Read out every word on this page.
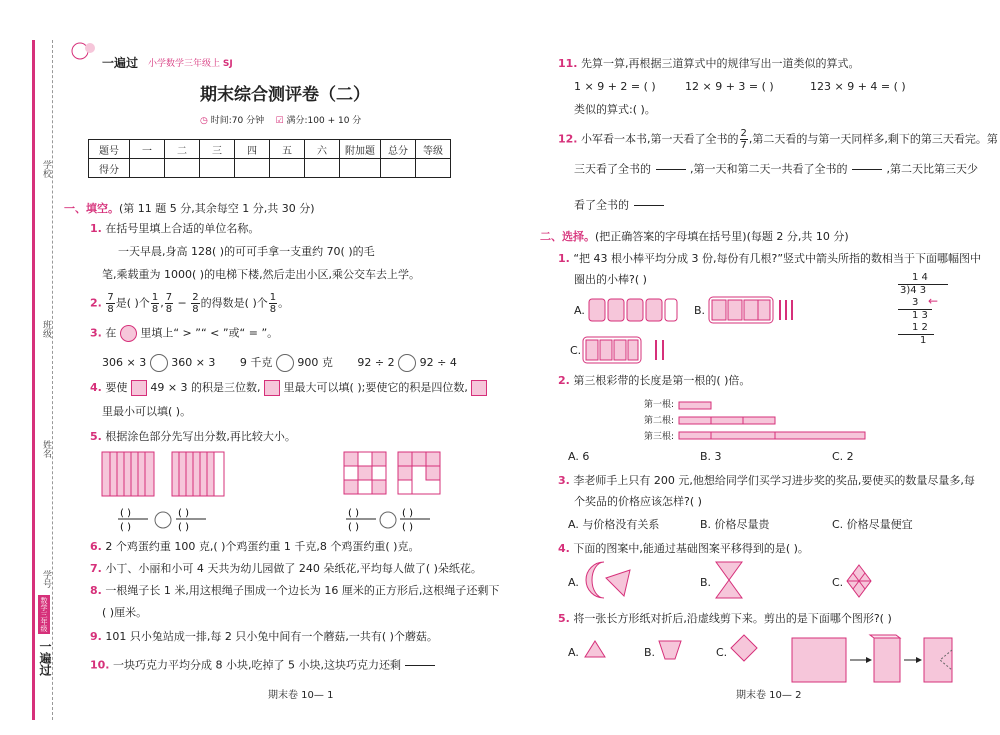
学校
班级
姓名
学号
一遍过
数学三年级
一遍过 小学数学三年级上 SJ
期末综合测评卷（二）
◷ 时间:70 分钟 ☑ 满分:100 + 10 分
题号	一	二	三	四	五	六	附加题	总分	等级
得分									
一、填空。(第 11 题 5 分,其余每空 1 分,共 30 分)
1. 在括号里填上合适的单位名称。
一天早晨,身高 128( )的可可手拿一支重约 70( )的毛
笔,乘载重为 1000( )的电梯下楼,然后走出小区,乘公交车去上学。
2. $\frac{7}{8}$ 是( )个 $\frac{1}{8}$ , $\frac{7}{8} - \frac{2}{8}$ 的得数是( )个 $\frac{1}{8}$ 。
3. 在 里填上“ > ”“ < ”或“ = ”。
306 × 3 360 × 3 9 千克 900 克 92 ÷ 2 92 ÷ 4
4. 要使 49 × 3 的积是三位数, 里最大可以填( );要使它的积是四位数,
里最小可以填( )。
5. 根据涂色部分先写出分数,再比较大小。
( )
( )
( )
( )
( )
( )
( )
( )
6. 2 个鸡蛋约重 100 克,( )个鸡蛋约重 1 千克,8 个鸡蛋约重( )克。
7. 小丁、小丽和小可 4 天共为幼儿园做了 240 朵纸花,平均每人做了( )朵纸花。
8. 一根绳子长 1 米,用这根绳子围成一个边长为 16 厘米的正方形后,这根绳子还剩下
( )厘米。
9. 101 只小兔站成一排,每 2 只小兔中间有一个蘑菇,一共有( )个蘑菇。
10. 一块巧克力平均分成 8 小块,吃掉了 5 小块,这块巧克力还剩
期末卷 10— 1
11. 先算一算,再根据三道算式中的规律写出一道类似的算式。
1 × 9 + 2 = ( )	12 × 9 + 3 = ( )	123 × 9 + 4 = ( )
类似的算式:( )。
12. 小军看一本书,第一天看了全书的 $\frac{2}{7}$ ,第二天看的与第一天同样多,剩下的第三天看完。第
三天看了全书的	,第一天和第二天一共看了全书的	,第二天比第三天少
看了全书的
二、选择。(把正确答案的字母填在括号里)(每题 2 分,共 10 分)
1. “把 43 根小棒平均分成 3 份,每份有几根?”竖式中箭头所指的数相当于下面哪幅图中
圈出的小棒?( )
A.	B.
C.
1 4
3)4 3
3
1 3
1 2
1
←
2. 第三根彩带的长度是第一根的( )倍。
第一根:
第二根:
第三根:
A. 6	B. 3	C. 2
3. 李老师手上只有 200 元,他想给同学们买学习进步奖的奖品,要使买的数量尽量多,每
个奖品的价格应该怎样?( )
A. 与价格没有关系	B. 价格尽量贵	C. 价格尽量便宜
4. 下面的图案中,能通过基础图案平移得到的是( )。
A.	B.	C.
5. 将一张长方形纸对折后,沿虚线剪下来。剪出的是下面哪个图形?( )
A.	B.	C.
期末卷 10— 2
